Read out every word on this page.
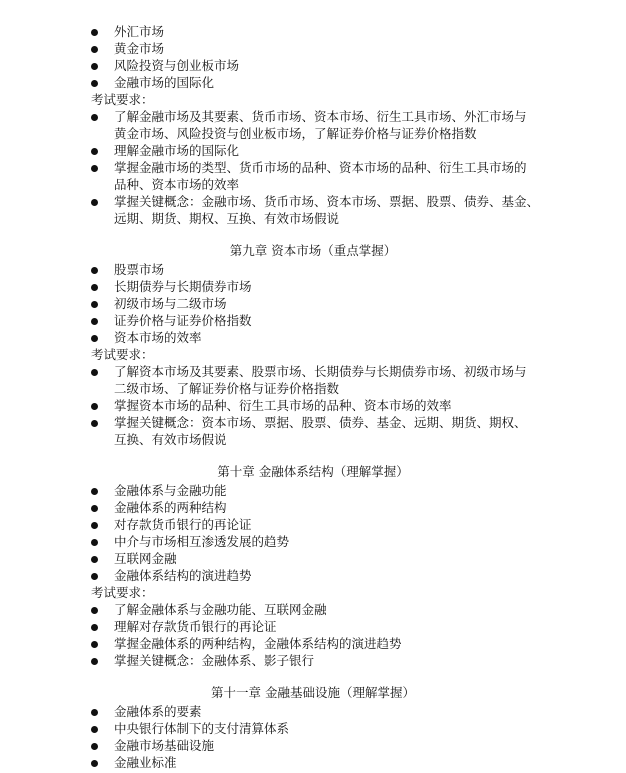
外汇市场
黄金市场
风险投资与创业板市场
金融市场的国际化
考试要求：
了解金融市场及其要素、货币市场、资本市场、衍生工具市场、外汇市场与
黄金市场、风险投资与创业板市场，了解证券价格与证券价格指数
理解金融市场的国际化
掌握金融市场的类型、货币市场的品种、资本市场的品种、衍生工具市场的
品种、资本市场的效率
掌握关键概念：金融市场、货币市场、资本市场、票据、股票、债券、基金、
远期、期货、期权、互换、有效市场假说
第九章 资本市场（重点掌握）
股票市场
长期债券与长期债券市场
初级市场与二级市场
证券价格与证券价格指数
资本市场的效率
考试要求：
了解资本市场及其要素、股票市场、长期债券与长期债券市场、初级市场与
二级市场、了解证券价格与证券价格指数
掌握资本市场的品种、衍生工具市场的品种、资本市场的效率
掌握关键概念：资本市场、票据、股票、债券、基金、远期、期货、期权、
互换、有效市场假说
第十章 金融体系结构（理解掌握）
金融体系与金融功能
金融体系的两种结构
对存款货币银行的再论证
中介与市场相互渗透发展的趋势
互联网金融
金融体系结构的演进趋势
考试要求：
了解金融体系与金融功能、互联网金融
理解对存款货币银行的再论证
掌握金融体系的两种结构，金融体系结构的演进趋势
掌握关键概念：金融体系、影子银行
第十一章 金融基础设施（理解掌握）
金融体系的要素
中央银行体制下的支付清算体系
金融市场基础设施
金融业标准
